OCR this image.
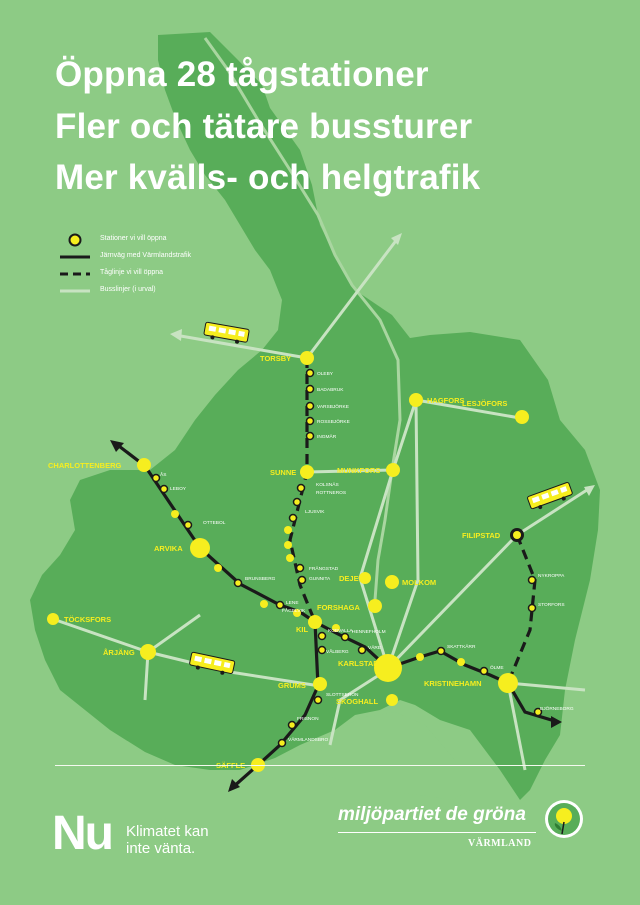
TORSBY
HAGFORS
LESJÖFORS
CHARLOTTENBERG
SUNNE	MUNKFORS
FILIPSTAD
ARVIKA
DEJE	MOLKOM
FORSHAGA
KIL
TÖCKSFORS
ÅRJÄNG
KARLSTAD
KRISTINEHAMN
GRUMS
SKOGHALL
OLEBY
BADABRUK
VARSBJÖRKE
ROSSBJÖRKE
INGMÄR
KOLSNÄS
ROTTNEROS
LJUSVIK
FRÄNGSTAD
GUNNITA
ÅS
LEBOY
OTTEBOL
BRUNSBERG
LENE
FÅGELVIK
KOBVALLA
VÅLBERG
HENNEFHOLM
VÄRE
SLOTTSBRON
FRISNON
VÄRMLANDSBRO
SKATTKÄRR
ÖLME
NYKROPPA
STORFORS
BJÖRNEBORG
Öppna 28 tågstationer
Fler och tätare bussturer
Mer kvälls- och helgtrafik
Stationer vi vill öppna
Järnväg med Värmlandstrafik
Tåglinje vi vill öppna
Busslinjer (i urval)
Nu Klimatet kan
inte vänta.
miljöpartiet de gröna
VÄRMLAND
